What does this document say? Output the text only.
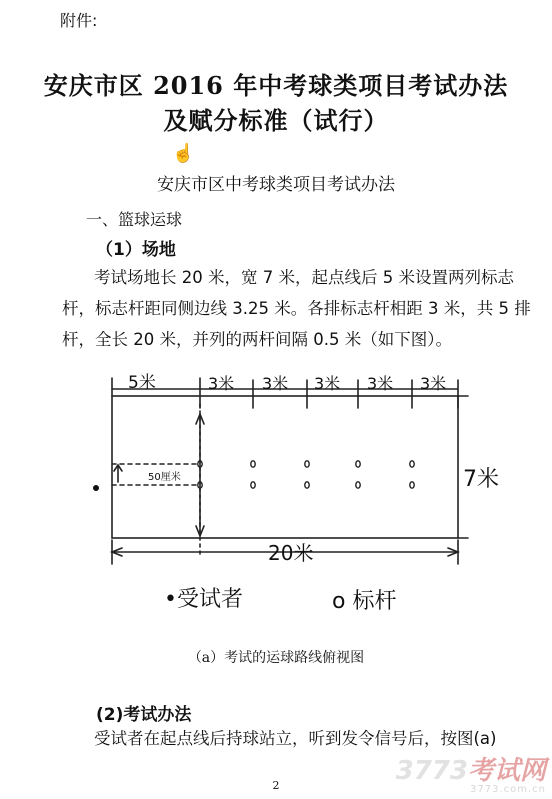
附件:
安庆市区 2016 年中考球类项目考试办法
及赋分标准（试行）
☝
安庆市区中考球类项目考试办法
一、篮球运球
（1）场地
考试场地长 20 米，宽 7 米，起点线后 5 米设置两列标志杆，标志杆距同侧边线 3.25 米。各排标志杆相距 3 米，共 5 排杆，全长 20 米，并列的两杆间隔 0.5 米（如下图）。
5米	3米 3米 3米 3米 3米
7米
50厘米
20米
•受试者	o 标杆
（a）考试的运球路线俯视图
(2)考试办法
受试者在起点线后持球站立，听到发令信号后，按图(a)
2	3773考试网
3773.com.cn
